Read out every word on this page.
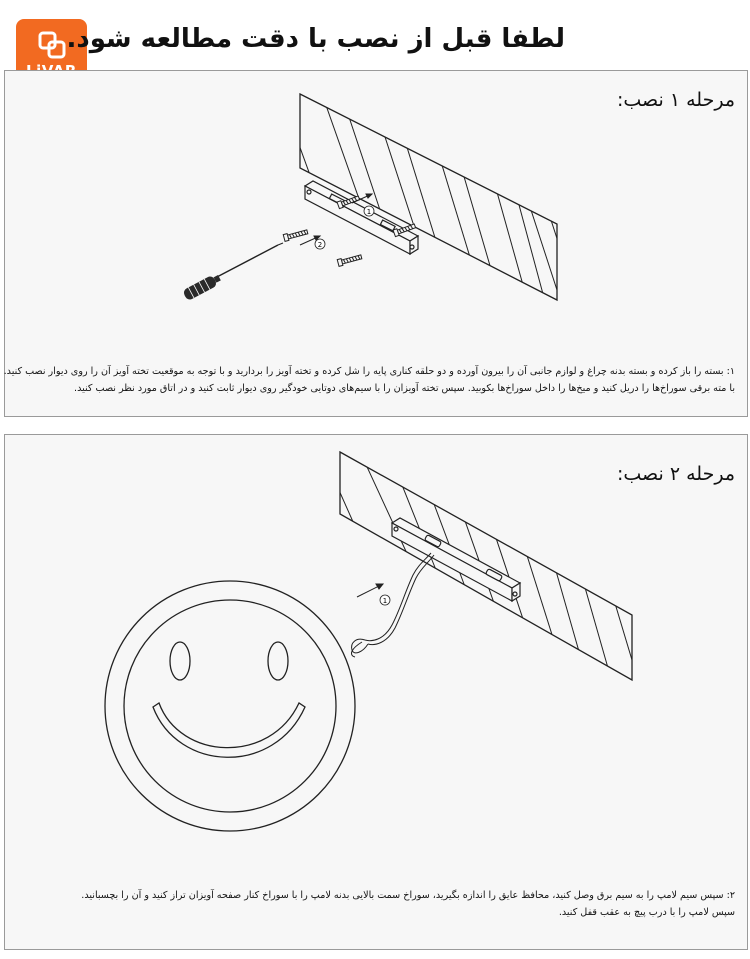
لطفا قبل از نصب با دقت مطالعه شود.
مرحله ۱ نصب:
۱: بسته را باز کرده و بسته بدنه چراغ و لوازم جانبی آن را بیرون آورده و دو حلقه کناری پایه را شل کرده و تخته آویز را بردارید و با توجه به موقعیت تخته آویز آن را روی دیوار نصب کنید.
با مته برقی سوراخ‌ها را دریل کنید و میخ‌ها را داخل سوراخ‌ها بکوبید. سپس تخته آویزان را با سیم‌های دوتایی خودگیر روی دیوار ثابت کنید و در اتاق مورد نظر نصب کنید.
مرحله ۲ نصب:
۲: سپس سیم لامپ را به سیم برق وصل کنید، محافظ عایق را اندازه بگیرید، سوراخ سمت بالایی بدنه لامپ را با سوراخ کنار صفحه آویزان تراز کنید و آن را بچسبانید.
سپس لامپ را با درب پیچ به عقب قفل کنید.
1
2
1
